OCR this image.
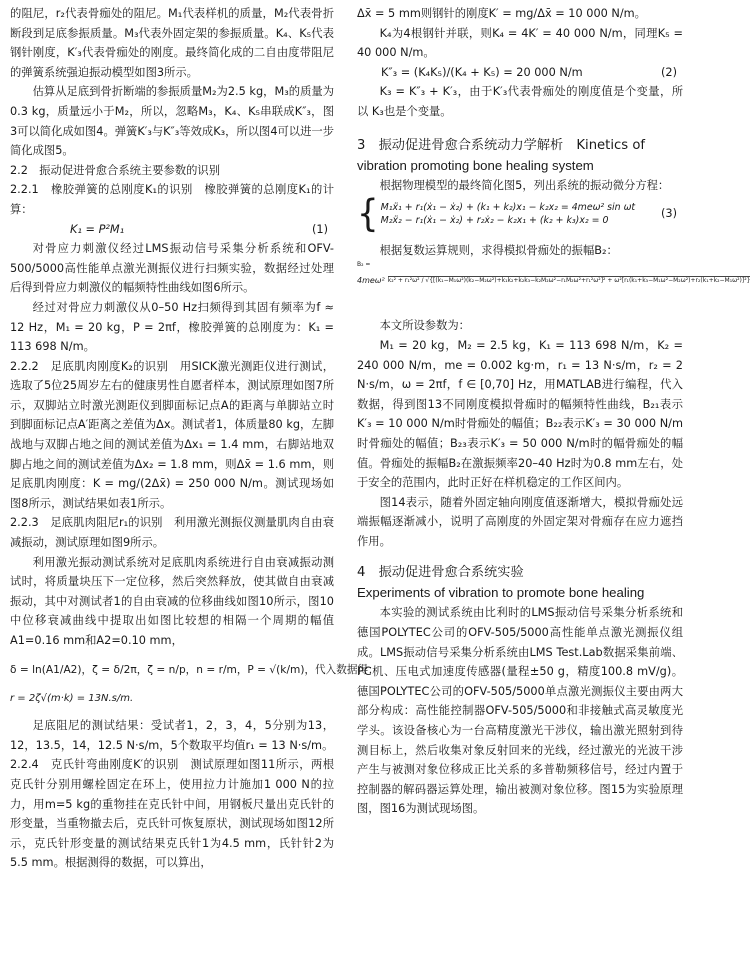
的阻尼，r₂代表骨痂处的阻尼。M₁代表样机的质量，M₂代表骨折断段到足底参振质量。M₃代表外固定架的参振质量。K₄、K₅代表钢针刚度，K′₃代表骨痂处的刚度。最终简化成的二自由度带阻尼的弹簧系统强迫振动模型如图3所示。

估算从足底到骨折断端的参振质量M₂为2.5 kg，M₃的质量为0.3 kg，质量远小于M₂，所以，忽略M₃，K₄、K₅串联成K″₃，图3可以简化成如图4。弹簧K′₃与K″₃等效成K₃，所以图4可以进一步简化成图5。

2.2　振动促进骨愈合系统主要参数的识别

2.2.1　橡胶弹簧的总刚度K₁的识别　橡胶弹簧的总刚度K₁的计算：

K₁ = P²M₁	(1)

对骨应力刺激仪经过LMS振动信号采集分析系统和OFV-500/5000高性能单点激光测振仪进行扫频实验，数据经过处理后得到骨应力刺激仪的幅频特性曲线如图6所示。

经过对骨应力刺激仪从0–50 Hz扫频得到其固有频率为f ≈ 12 Hz，M₁ = 20 kg，P = 2πf，橡胶弹簧的总刚度为：K₁ = 113 698 N/m。

2.2.2　足底肌肉刚度K₂的识别　用SICK激光测距仪进行测试，选取了5位25周岁左右的健康男性自愿者样本，测试原理如图7所示，双脚站立时激光测距仪到脚面标记点A的距离与单脚站立时到脚面标记点A′距离之差值为Δx。测试者1，体质量80 kg，左脚战地与双脚占地之间的测试差值为Δx₁ = 1.4 mm，右脚站地双脚占地之间的测试差值为Δx₂ = 1.8 mm，则Δx̄ = 1.6 mm，则足底肌肉刚度：K = mg/(2Δx̄) = 250 000 N/m。测试现场如图8所示，测试结果如表1所示。

2.2.3　足底肌肉阻尼r₁的识别　利用激光测振仪测量肌肉自由衰减振动，测试原理如图9所示。

利用激光振动测试系统对足底肌肉系统进行自由衰减振动测试时，将质量块压下一定位移，然后突然释放，使其做自由衰减振动，其中对测试者1的自由衰减的位移曲线如图10所示，图10中位移衰减曲线中提取出如图比较想的相隔一个周期的幅值A1=0.16 mm和A2=0.10 mm，

δ = ln(A1/A2)，ζ = δ/2π，ζ = n/p，n = r/m，P = √(k/m)，代入数据得：

r = 2ζ√(m·k) = 13N.s/m.

足底阻尼的测试结果：受试者1，2，3，4，5分别为13，12，13.5，14，12.5 N·s/m，5个数取平均值r₁ = 13 N·s/m。

2.2.4　克氏针弯曲刚度K′的识别　测试原理如图11所示，两根克氏针分别用螺栓固定在环上，使用拉力计施加1 000 N的拉力，用m=5 kg的重物挂在克氏针中间，用钢板尺量出克氏针的形变量，当重物撤去后，克氏针可恢复原状，测试现场如图12所示，克氏针形变量的测试结果克氏针1为4.5 mm，氏针针2为5.5 mm。根据测得的数据，可以算出，

Δx̄ = 5 mm则钢针的刚度K′ = mg/Δx̄ = 10 000 N/m。

K₄为4根钢针并联，则K₄ = 4K′ = 40 000 N/m，同理K₅ = 40 000 N/m。

K″₃ = (K₄K₅)/(K₄ + K₅) = 20 000 N/m	(2)

K₃ = K″₃ + K′₃，由于K′₃代表骨痂处的刚度值是个变量，所以 K₃也是个变量。

3　振动促进骨愈合系统动力学解析　Kinetics of

vibration promoting bone healing system

根据物理模型的最终简化图5，列出系统的振动微分方程：

{ M₁ẍ₁ + r₁(ẋ₁ − ẋ₂) + (k₁ + k₂)x₁ − k₂x₂ = 4meω² sin ωt
M₂ẍ₂ − r₁(ẋ₁ − ẋ₂) + r₂ẋ₂ − k₂x₁ + (k₂ + k₃)x₂ = 0
(3)

根据复数运算规则，求得模拟骨痂处的振幅B₂：

B₂ =
4meω² k₂² + r₁²ω² / √{[(k₁−M₁ω²)(k₂−M₂ω²)+k₁k₂+k₂k₃−k₂M₂ω²−r₁M₂ω²+r₁²ω²]² + ω²[r₁(k₁+k₃−M₁ω²−M₂ω²)+r₂(k₁+k₂−M₁ω²)]²}

本文所设参数为：

M₁ = 20 kg，M₂ = 2.5 kg，K₁ = 113 698 N/m，K₂ = 240 000 N/m，me = 0.002 kg·m，r₁ = 13 N·s/m，r₂ = 2 N·s/m，ω = 2πf，f ∈ [0,70] Hz，用MATLAB进行编程，代入数据，得到图13不同刚度模拟骨痂时的幅频特性曲线，B₂₁表示K′₃ = 10 000 N/m时骨痂处的幅值；B₂₂表示K′₃ = 30 000 N/m时骨痂处的幅值；B₂₃表示K′₃ = 50 000 N/m时的幅骨痂处的幅值。骨痂处的振幅B₂在激振频率20–40 Hz时为0.8 mm左右，处于安全的范围内，此时正好在样机稳定的工作区间内。

图14表示，随着外固定轴向刚度值逐渐增大，模拟骨痂处远端振幅逐渐减小，说明了高刚度的外固定架对骨痂存在应力遮挡作用。

4　振动促进骨愈合系统实验

Experiments of vibration to promote bone healing

本实验的测试系统由比利时的LMS振动信号采集分析系统和德国POLYTEC公司的OFV-505/5000高性能单点激光测振仪组成。LMS振动信号采集分析系统由LMS Test.Lab数据采集前端、PC机、压电式加速度传感器(量程±50 g，精度100.8 mV/g)。德国POLYTEC公司的OFV-505/5000单点激光测振仪主要由两大部分构成：高性能控制器OFV-505/5000和非接触式高灵敏度光学头。该设备核心为一台高精度激光干涉仪，输出激光照射到待测目标上，然后收集对象反射回来的光线，经过激光的光波干涉产生与被测对象位移成正比关系的多普勒频移信号，经过内置于控制器的解码器运算处理，输出被测对象位移。图15为实验原理图，图16为测试现场图。
